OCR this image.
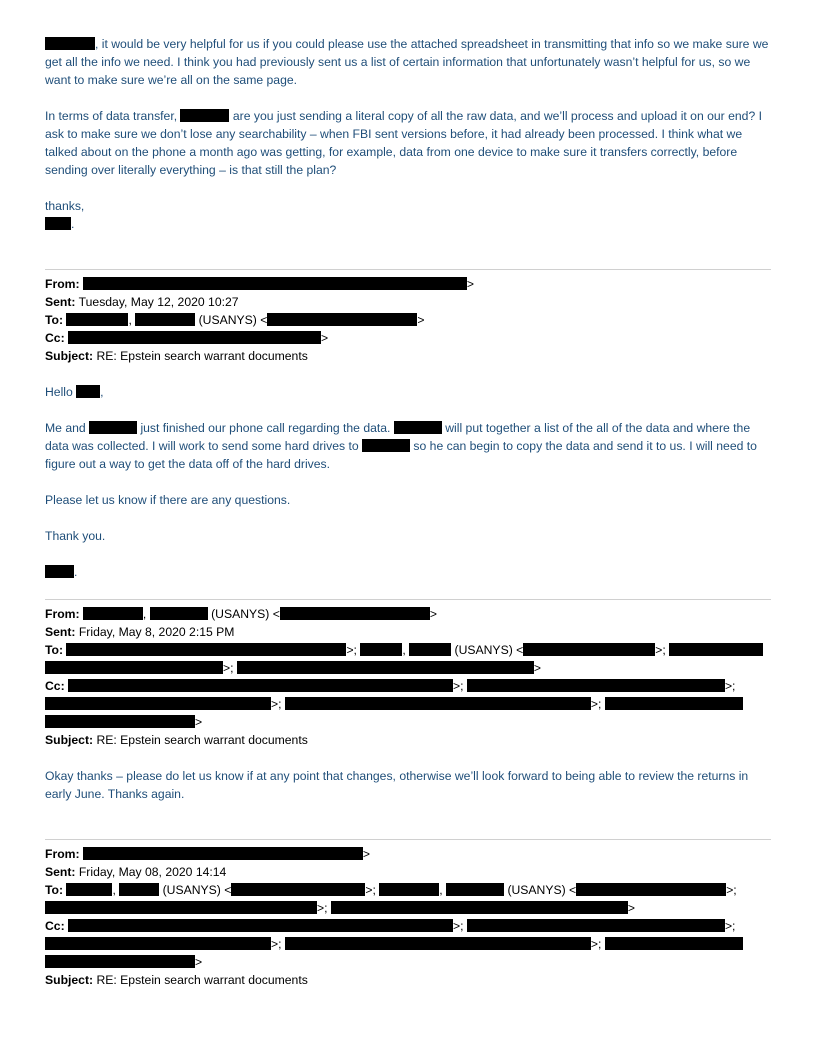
, it would be very helpful for us if you could please use the attached spreadsheet in transmitting that info so we make sure we get all the info we need. I think you had previously sent us a list of certain information that unfortunately wasn’t helpful for us, so we want to make sure we’re all on the same page.

In terms of data transfer,	are you just sending a literal copy of all the raw data, and we’ll process and upload it on our end? I ask to make sure we don’t lose any searchability – when FBI sent versions before, it had already been processed. I think what we talked about on the phone a month ago was getting, for example, data from one device to make sure it transfers correctly, before sending over literally everything – is that still the plan?

thanks,
.
From:	>
Sent: Tuesday, May 12, 2020 10:27
To:	,	(USANYS) <	>
Cc:	>
Subject: RE: Epstein search warrant documents

Hello ,

Me and	just finished our phone call regarding the data.	will put together a list of the all of the data and where the data was collected. I will work to send some hard drives to	so he can begin to copy the data and send it to us. I will need to figure out a way to get the data off of the hard drives.

Please let us know if there are any questions.

Thank you.

.

From:	,	(USANYS) <	>
Sent: Friday, May 8, 2020 2:15 PM
To:	>;	,	(USANYS) <	>;
>;	>
Cc:	>;	>;
>;	>;
>
Subject: RE: Epstein search warrant documents

Okay thanks – please do let us know if at any point that changes, otherwise we’ll look forward to being able to review the returns in early June. Thanks again.

From:	>
Sent: Friday, May 08, 2020 14:14
To:	,	(USANYS) <	>;	,	(USANYS) <	>;
>;	>
Cc:	>;	>;
>;	>;
>
Subject: RE: Epstein search warrant documents
